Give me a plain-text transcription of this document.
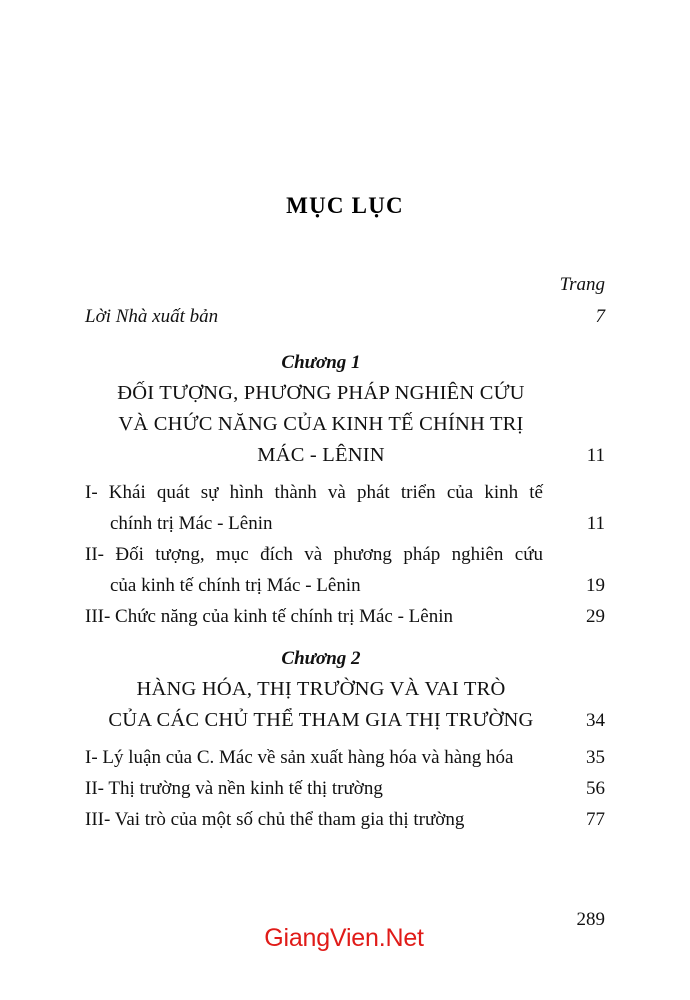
MỤC LỤC
Trang
Lời Nhà xuất bản	7
Chương 1
ĐỐI TƯỢNG, PHƯƠNG PHÁP NGHIÊN CỨU
VÀ CHỨC NĂNG CỦA KINH TẾ CHÍNH TRỊ
MÁC - LÊNIN	11
I- Khái quát sự hình thành và phát triển của kinh tế
chính trị Mác - Lênin	11
II- Đối tượng, mục đích và phương pháp nghiên cứu
của kinh tế chính trị Mác - Lênin	19
III- Chức năng của kinh tế chính trị Mác - Lênin	29
Chương 2
HÀNG HÓA, THỊ TRƯỜNG VÀ VAI TRÒ
CỦA CÁC CHỦ THỂ THAM GIA THỊ TRƯỜNG	34
I- Lý luận của C. Mác về sản xuất hàng hóa và hàng hóa	35
II- Thị trường và nền kinh tế thị trường	56
III- Vai trò của một số chủ thể tham gia thị trường	77
289
GiangVien.Net
